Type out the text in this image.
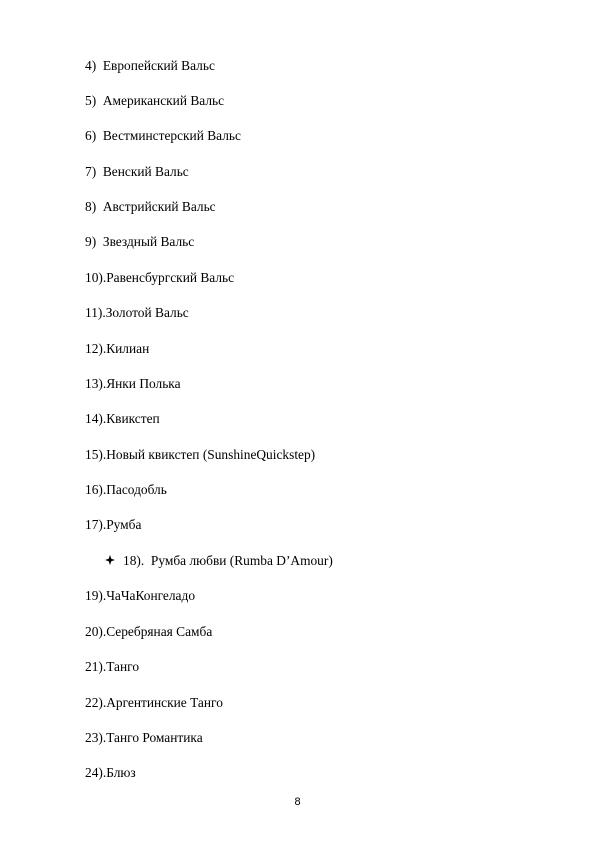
4) Европейский Вальс
5) Американский Вальс
6) Вестминстерский Вальс
7) Венский Вальс
8) Австрийский Вальс
9) Звездный Вальс
10).Равенсбургский Вальс
11).Золотой Вальс
12).Килиан
13).Янки Полька
14).Квикстеп
15).Новый квикстеп (SunshineQuickstep)
16).Пасодобль
17).Румба
18). Румба любви (Rumba D’Amour)
19).ЧаЧаКонгеладо
20).Серебряная Самба
21).Танго
22).Аргентинские Танго
23).Танго Романтика
24).Блюз
8
